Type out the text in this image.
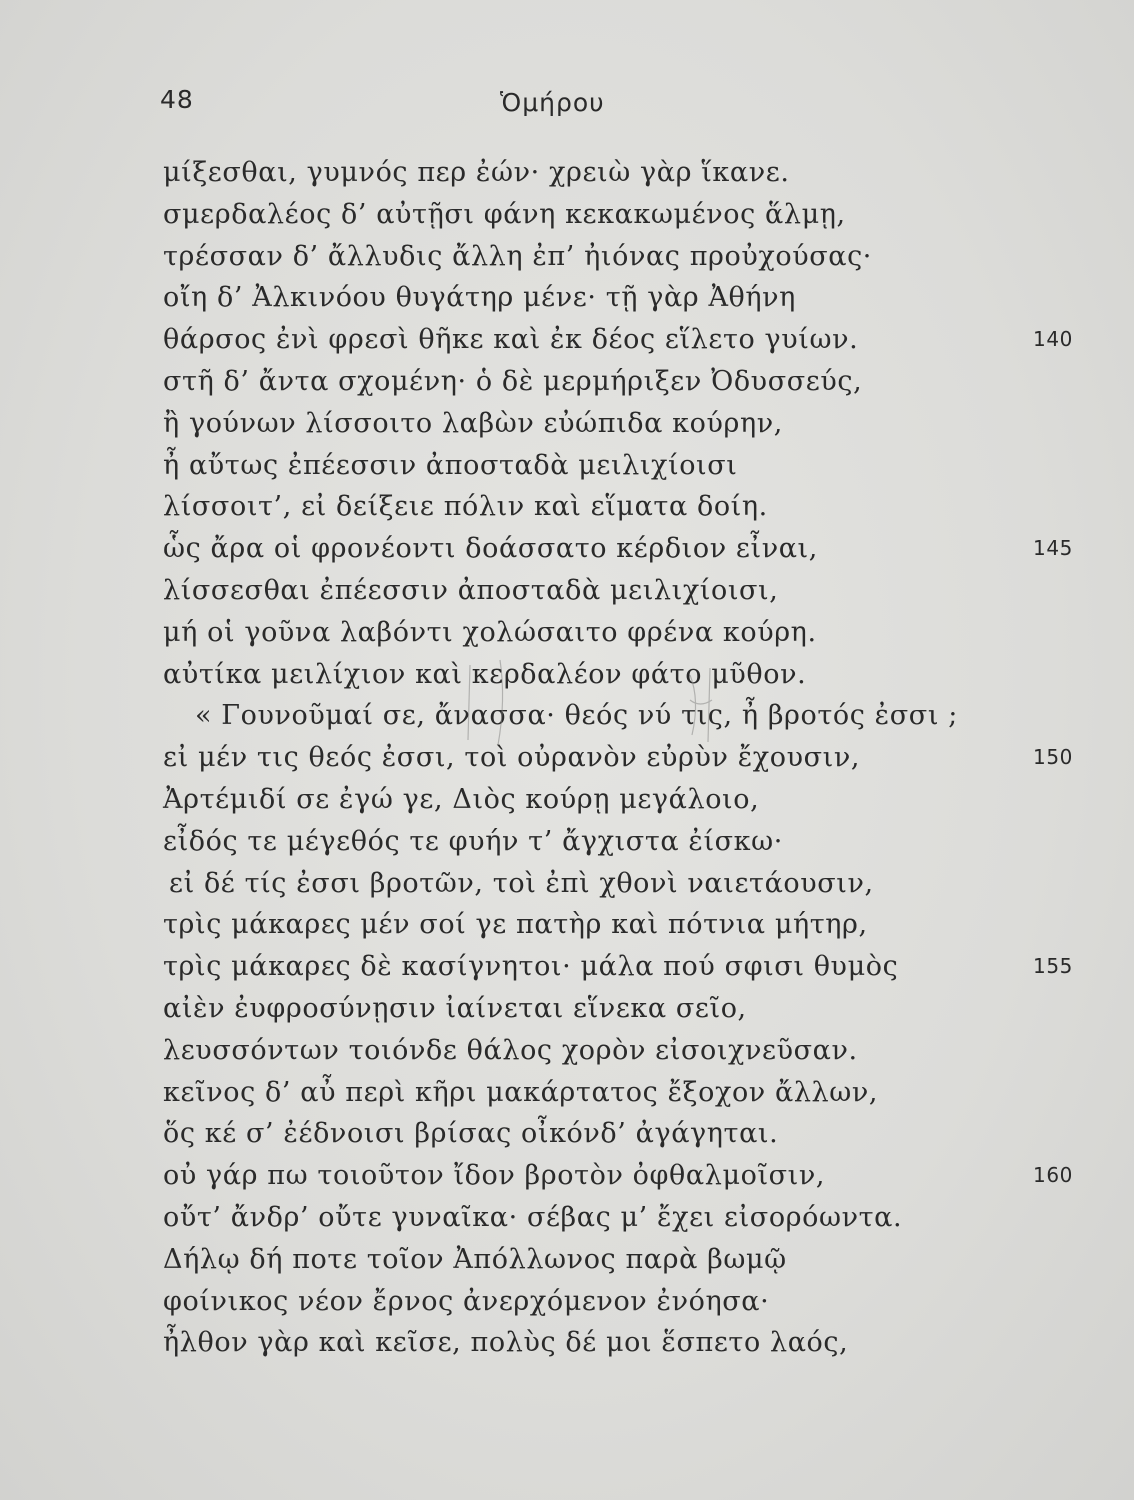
48	Ὁμήρου
μίξεσθαι, γυμνός περ ἐών· χρειὼ γὰρ ἵκανε.
σμερδαλέος δ’ αὐτῇσι φάνη κεκακωμένος ἅλμῃ,
τρέσσαν δ’ ἄλλυδις ἄλλη ἐπ’ ἠιόνας προὐχούσας·
οἴη δ’ Ἀλκινόου θυγάτηρ μένε· τῇ γὰρ Ἀθήνη
θάρσος ἐνὶ φρεσὶ θῆκε καὶ ἐκ δέος εἵλετο γυίων.	140
στῆ δ’ ἄντα σχομένη· ὁ δὲ μερμήριξεν Ὀδυσσεύς,
ἢ γούνων λίσσοιτο λαβὼν εὐώπιδα κούρην,
ἦ αὔτως ἐπέεσσιν ἀποσταδὰ μειλιχίοισι
λίσσοιτ’, εἰ δείξειε πόλιν καὶ εἵματα δοίη.
ὧς ἄρα οἱ φρονέοντι δοάσσατο κέρδιον εἶναι,	145
λίσσεσθαι ἐπέεσσιν ἀποσταδὰ μειλιχίοισι,
μή οἱ γοῦνα λαβόντι χολώσαιτο φρένα κούρη.
αὐτίκα μειλίχιον καὶ κερδαλέον φάτο μῦθον.
« Γουνοῦμαί σε, ἄνασσα· θεός νύ τις, ἦ βροτός ἐσσι ;
εἰ μέν τις θεός ἐσσι, τοὶ οὐρανὸν εὐρὺν ἔχουσιν,	150
Ἀρτέμιδί σε ἐγώ γε, Διὸς κούρῃ μεγάλοιο,
εἶδός τε μέγεθός τε φυήν τ’ ἄγχιστα ἐίσκω·
εἰ δέ τίς ἐσσι βροτῶν, τοὶ ἐπὶ χθονὶ ναιετάουσιν,
τρὶς μάκαρες μέν σοί γε πατὴρ καὶ πότνια μήτηρ,
τρὶς μάκαρες δὲ κασίγνητοι· μάλα πού σφισι θυμὸς	155
αἰὲν ἐυφροσύνῃσιν ἰαίνεται εἵνεκα σεῖο,
λευσσόντων τοιόνδε θάλος χορὸν εἰσοιχνεῦσαν.
κεῖνος δ’ αὖ περὶ κῆρι μακάρτατος ἔξοχον ἄλλων,
ὅς κέ σ’ ἐέδνοισι βρίσας οἶκόνδ’ ἀγάγηται.
οὐ γάρ πω τοιοῦτον ἴδον βροτὸν ὀφθαλμοῖσιν,	160
οὔτ’ ἄνδρ’ οὔτε γυναῖκα· σέβας μ’ ἔχει εἰσορόωντα.
Δήλῳ δή ποτε τοῖον Ἀπόλλωνος παρὰ βωμῷ
φοίνικος νέον ἔρνος ἀνερχόμενον ἐνόησα·
ἦλθον γὰρ καὶ κεῖσε, πολὺς δέ μοι ἕσπετο λαός,
